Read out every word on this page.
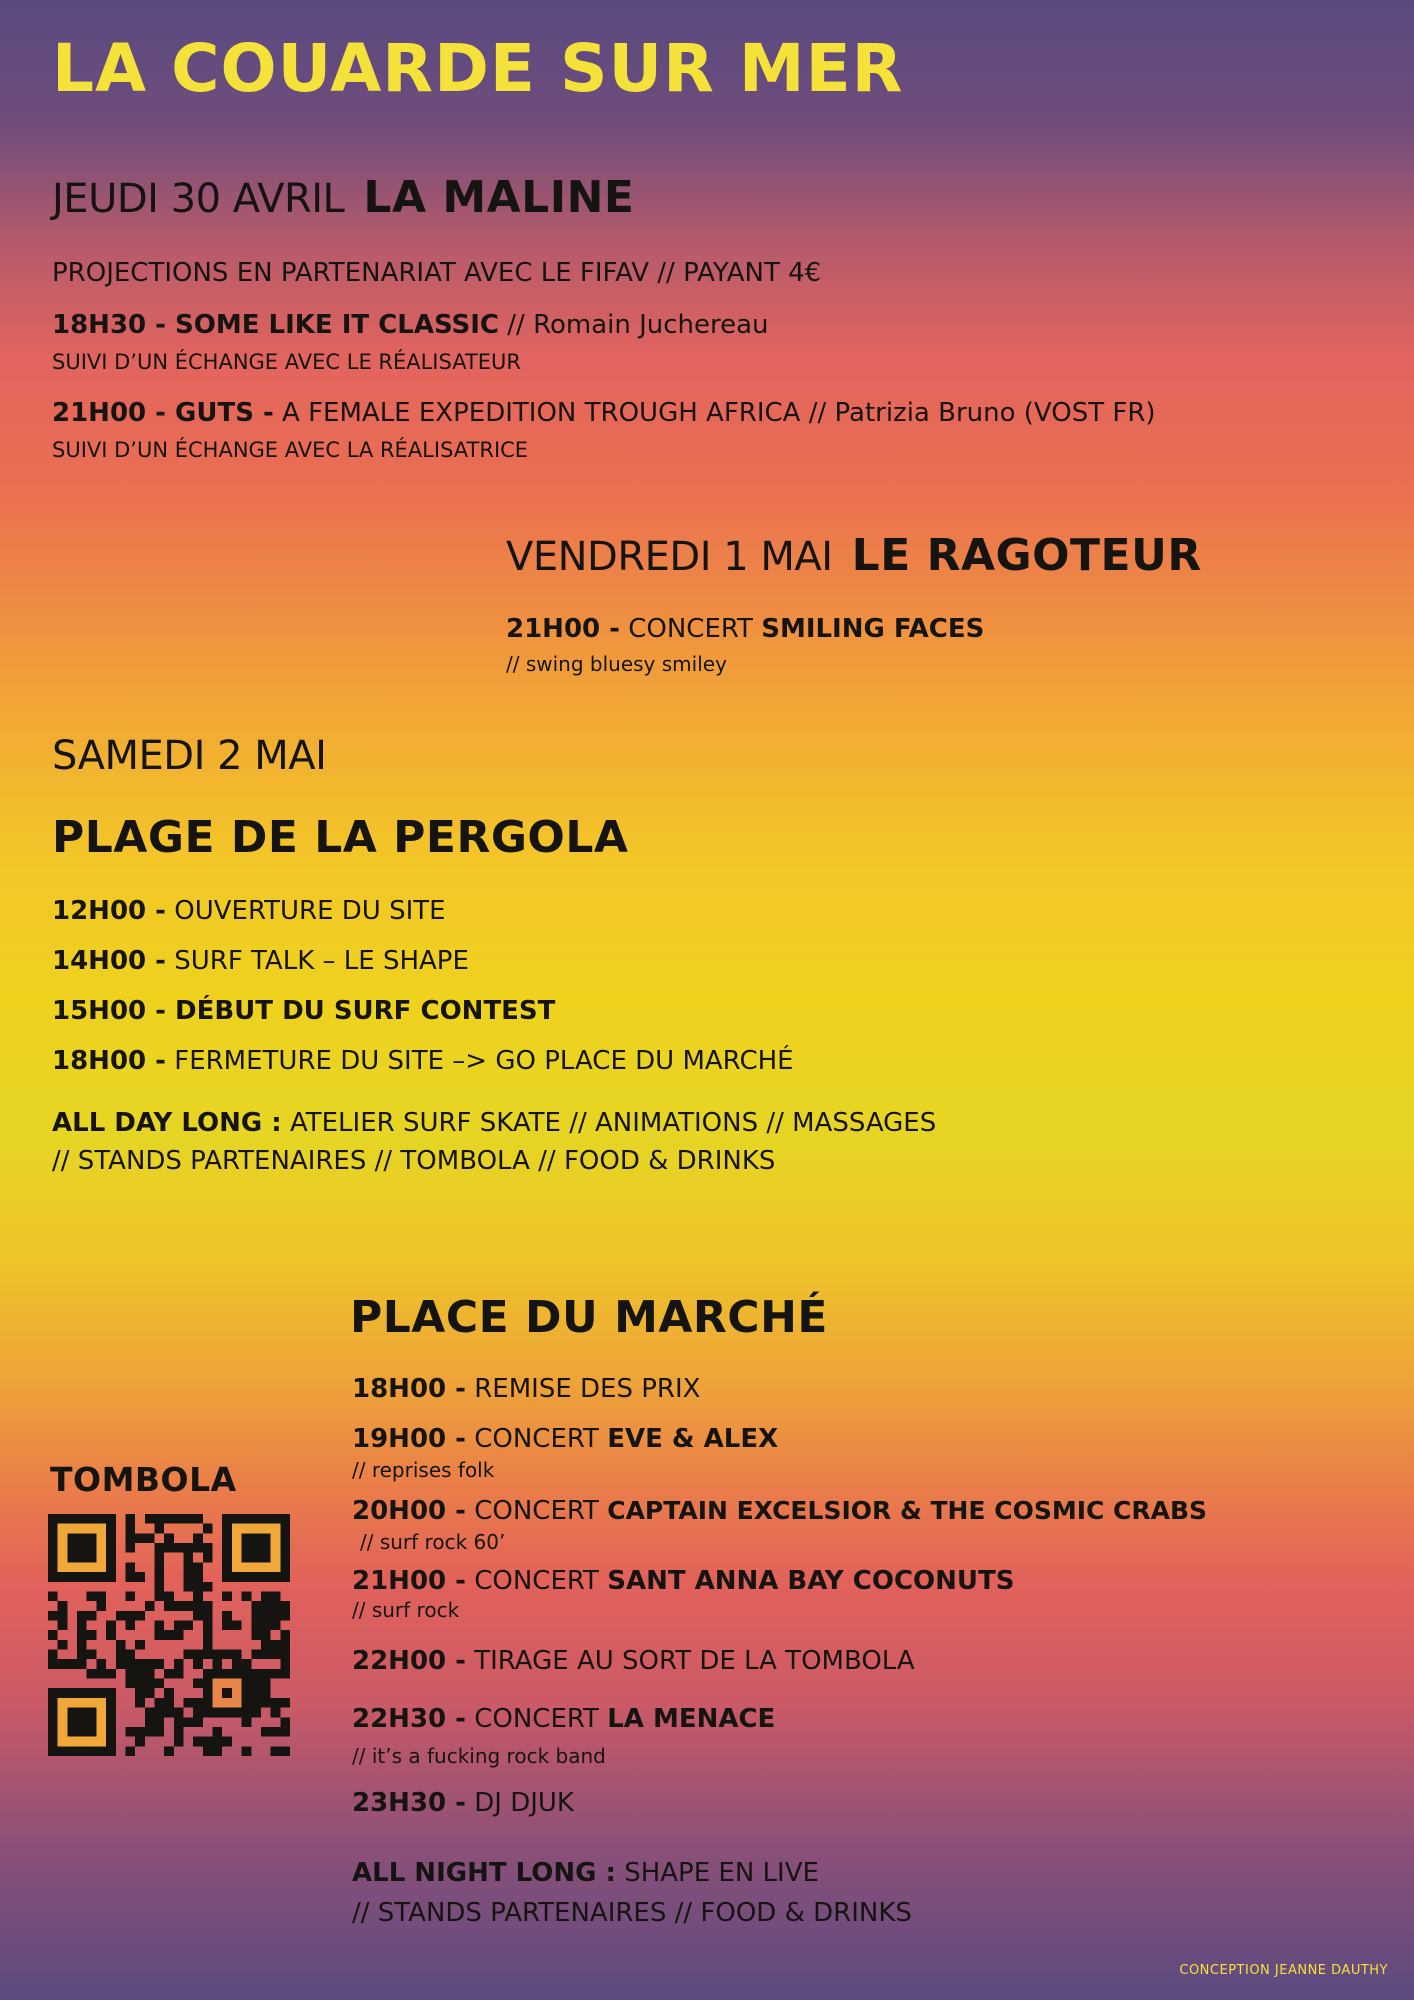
LA COUARDE SUR MER
JEUDI 30 AVRIL LA MALINE
PROJECTIONS EN PARTENARIAT AVEC LE FIFAV // PAYANT 4€
18H30 - SOME LIKE IT CLASSIC // Romain Juchereau
SUIVI D’UN ÉCHANGE AVEC LE RÉALISATEUR
21H00 - GUTS - A FEMALE EXPEDITION TROUGH AFRICA // Patrizia Bruno (VOST FR)
SUIVI D’UN ÉCHANGE AVEC LA RÉALISATRICE
VENDREDI 1 MAI LE RAGOTEUR
21H00 - CONCERT SMILING FACES
// swing bluesy smiley
SAMEDI 2 MAI
PLAGE DE LA PERGOLA
12H00 - OUVERTURE DU SITE
14H00 - SURF TALK – LE SHAPE
15H00 - DÉBUT DU SURF CONTEST
18H00 - FERMETURE DU SITE –> GO PLACE DU MARCHÉ
ALL DAY LONG : ATELIER SURF SKATE // ANIMATIONS // MASSAGES
// STANDS PARTENAIRES // TOMBOLA // FOOD & DRINKS
PLACE DU MARCHÉ
18H00 - REMISE DES PRIX
19H00 - CONCERT EVE & ALEX
// reprises folk
20H00 - CONCERT CAPTAIN EXCELSIOR & THE COSMIC CRABS
// surf rock 60’
21H00 - CONCERT SANT ANNA BAY COCONUTS
// surf rock
22H00 - TIRAGE AU SORT DE LA TOMBOLA
22H30 - CONCERT LA MENACE
// it’s a fucking rock band
23H30 - DJ DJUK
ALL NIGHT LONG : SHAPE EN LIVE
// STANDS PARTENAIRES // FOOD & DRINKS
TOMBOLA
CONCEPTION JEANNE DAUTHY
